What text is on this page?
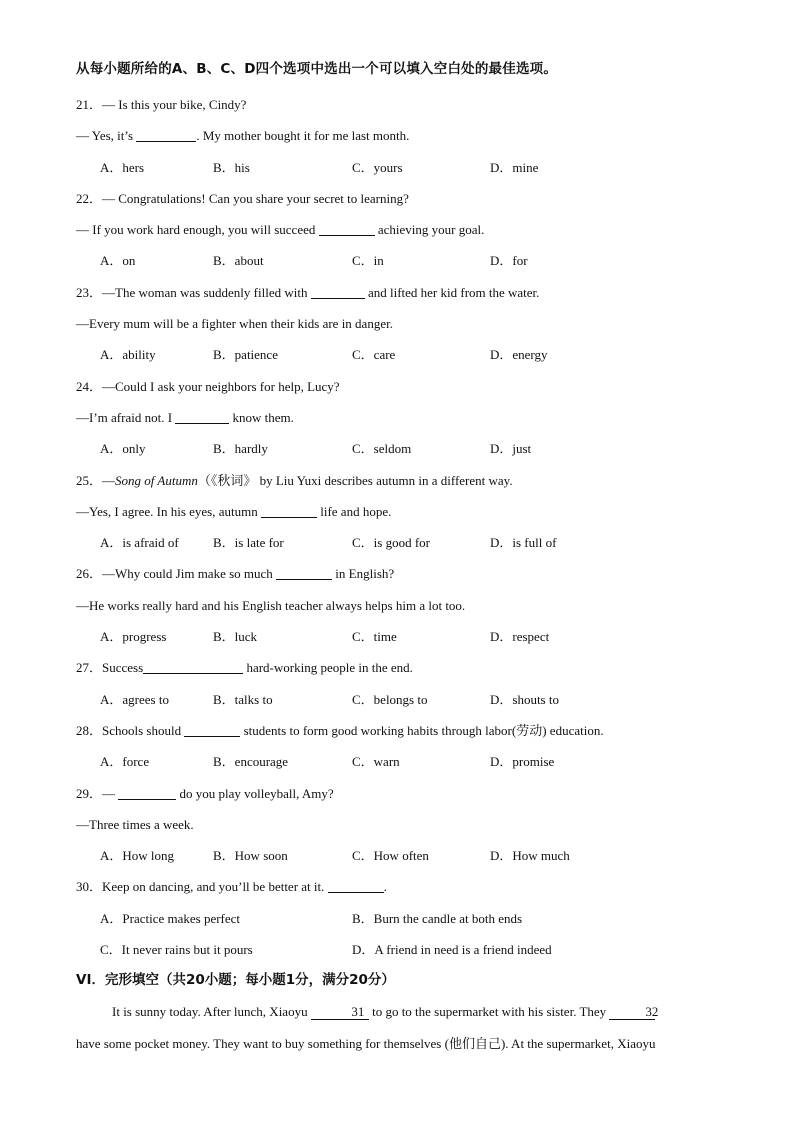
从每小题所给的A、B、C、D四个选项中选出一个可以填入空白处的最佳选项。
21．— Is this your bike, Cindy?
— Yes, it’s	. My mother bought it for me last month.
A．hers	B．his	C．yours	D．mine
22．— Congratulations! Can you share your secret to learning?
— If you work hard enough, you will succeed	achieving your goal.
A．on	B．about	C．in	D．for
23．—The woman was suddenly filled with	and lifted her kid from the water.
—Every mum will be a fighter when their kids are in danger.
A．ability	B．patience	C．care	D．energy
24．—Could I ask your neighbors for help, Lucy?
—I’m afraid not. I	know them.
A．only	B．hardly	C．seldom	D．just
25．—Song of Autumn（《秋词》 by Liu Yuxi describes autumn in a different way.
—Yes, I agree. In his eyes, autumn	life and hope.
A．is afraid of	B．is late for	C．is good for	D．is full of
26．—Why could Jim make so much	in English?
—He works really hard and his English teacher always helps him a lot too.
A．progress	B．luck	C．time	D．respect
27．Success	hard-working people in the end.
A．agrees to	B．talks to	C．belongs to	D．shouts to
28．Schools should	students to form good working habits through labor(劳动) education.
A．force	B．encourage	C．warn	D．promise
29．—	do you play volleyball, Amy?
—Three times a week.
A．How long	B．How soon	C．How often	D．How much
30．Keep on dancing, and you’ll be better at it.	.
A．Practice makes perfect	B．Burn the candle at both ends
C．It never rains but it pours	D．A friend in need is a friend indeed
VI．完形填空（共20小题；每小题1分，满分20分）
It is sunny today. After lunch, Xiaoyu	31 to go to the supermarket with his sister. They	32
have some pocket money. They want to buy something for themselves (他们自己). At the supermarket, Xiaoyu
